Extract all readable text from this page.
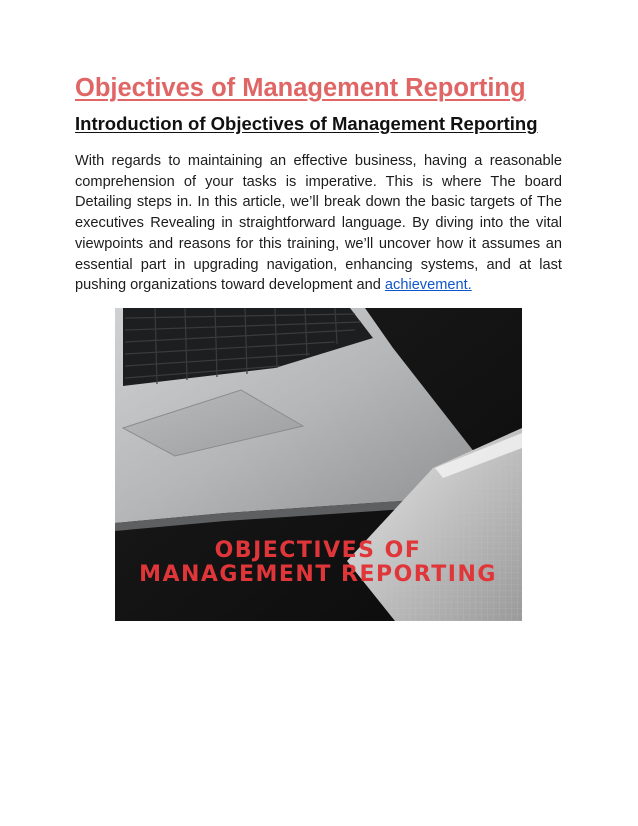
Objectives of Management Reporting
Introduction of Objectives of Management Reporting

With regards to maintaining an effective business, having a reasonable comprehension of your tasks is imperative. This is where The board Detailing steps in. In this article, we’ll break down the basic targets of The executives Revealing in straightforward language. By diving into the vital viewpoints and reasons for this training, we’ll uncover how it assumes an essential part in upgrading navigation, enhancing systems, and at last pushing organizations toward development and achievement.

OBJECTIVES OF
MANAGEMENT REPORTING
